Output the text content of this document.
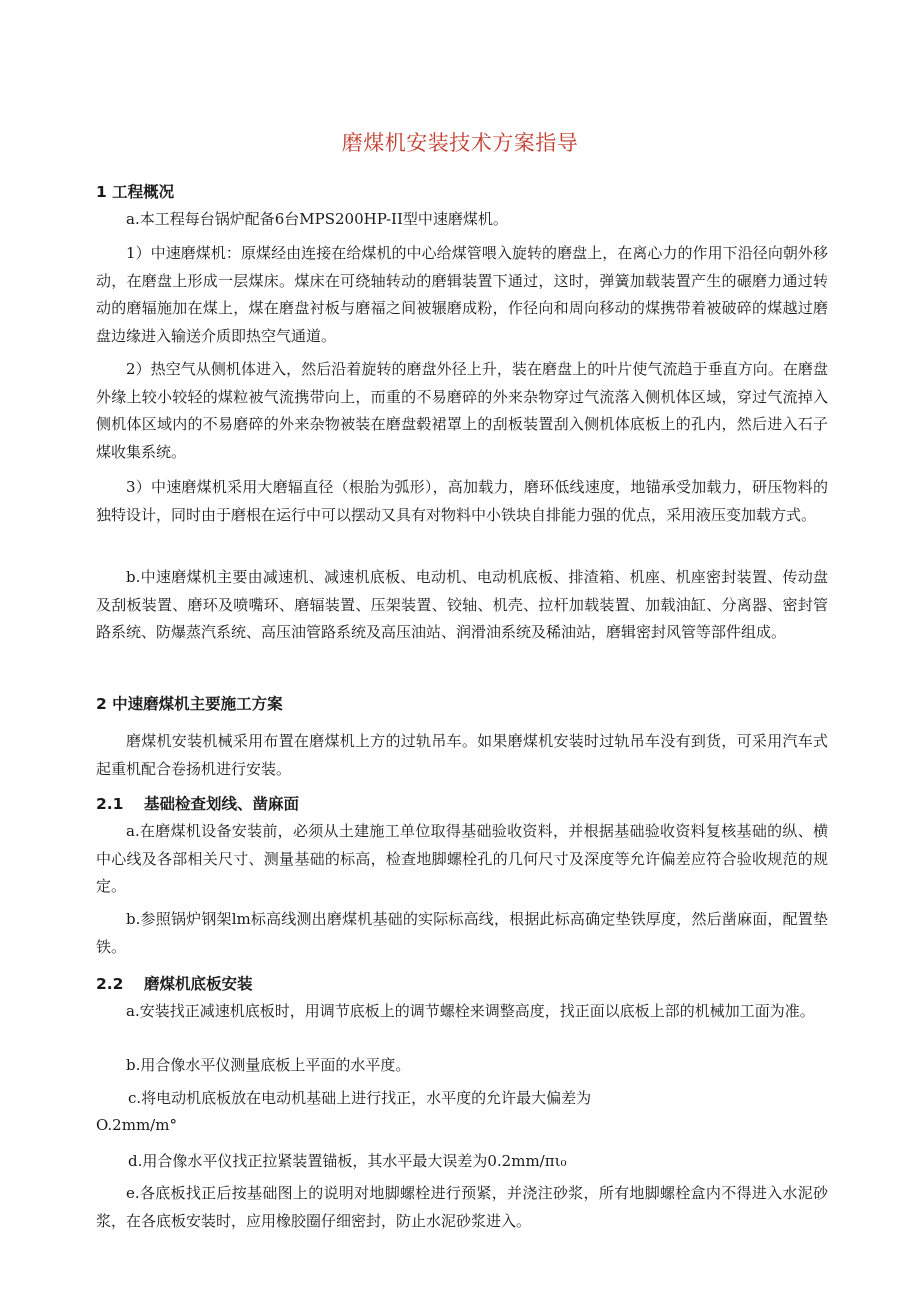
磨煤机安装技术方案指导
1 工程概况

a.本工程每台锅炉配备6台MPS200HP-II型中速磨煤机。

1）中速磨煤机：原煤经由连接在给煤机的中心给煤管喂入旋转的磨盘上，在离心力的作用下沿径向朝外移动，在磨盘上形成一层煤床。煤床在可绕轴转动的磨辑装置下通过，这时，弹簧加载装置产生的碾磨力通过转动的磨辐施加在煤上，煤在磨盘衬板与磨福之间被辗磨成粉，作径向和周向移动的煤携带着被破碎的煤越过磨盘边缘进入输送介质即热空气通道。

2）热空气从侧机体进入，然后沿着旋转的磨盘外径上升，装在磨盘上的叶片使气流趋于垂直方向。在磨盘外缘上较小较轻的煤粒被气流携带向上，而重的不易磨碎的外来杂物穿过气流落入侧机体区域，穿过气流掉入侧机体区域内的不易磨碎的外来杂物被装在磨盘毂裙罩上的刮板装置刮入侧机体底板上的孔内，然后进入石子煤收集系统。

3）中速磨煤机采用大磨辐直径（根胎为弧形），高加载力，磨环低线速度，地锚承受加载力，研压物料的独特设计，同时由于磨根在运行中可以摆动又具有对物料中小铁块自排能力强的优点，采用液压变加载方式。

b.中速磨煤机主要由减速机、减速机底板、电动机、电动机底板、排渣箱、机座、机座密封装置、传动盘及刮板装置、磨环及喷嘴环、磨辐装置、压架装置、铰轴、机壳、拉杆加载装置、加载油缸、分离器、密封管路系统、防爆蒸汽系统、高压油管路系统及高压油站、润滑油系统及稀油站，磨辑密封风管等部件组成。

2 中速磨煤机主要施工方案

磨煤机安装机械采用布置在磨煤机上方的过轨吊车。如果磨煤机安装时过轨吊车没有到货，可采用汽车式起重机配合卷扬机进行安装。

2.1 基础检查划线、凿麻面

a.在磨煤机设备安装前，必须从土建施工单位取得基础验收资料，并根据基础验收资料复核基础的纵、横中心线及各部相关尺寸、测量基础的标高，检查地脚螺栓孔的几何尺寸及深度等允许偏差应符合验收规范的规定。

b.参照锅炉钢架lm标高线测出磨煤机基础的实际标高线，根据此标高确定垫铁厚度，然后凿麻面，配置垫铁。

2.2 磨煤机底板安装

a.安装找正减速机底板时，用调节底板上的调节螺栓来调整高度，找正面以底板上部的机械加工面为准。

b.用合像水平仪测量底板上平面的水平度。

c.将电动机底板放在电动机基础上进行找正，水平度的允许最大偏差为

O.2mm/m°

d.用合像水平仪找正拉紧装置锚板，其水平最大误差为0.2mm/πι₀

e.各底板找正后按基础图上的说明对地脚螺栓进行预紧，并浇注砂浆，所有地脚螺栓盒内不得进入水泥砂浆，在各底板安装时，应用橡胶圈仔细密封，防止水泥砂浆进入。
